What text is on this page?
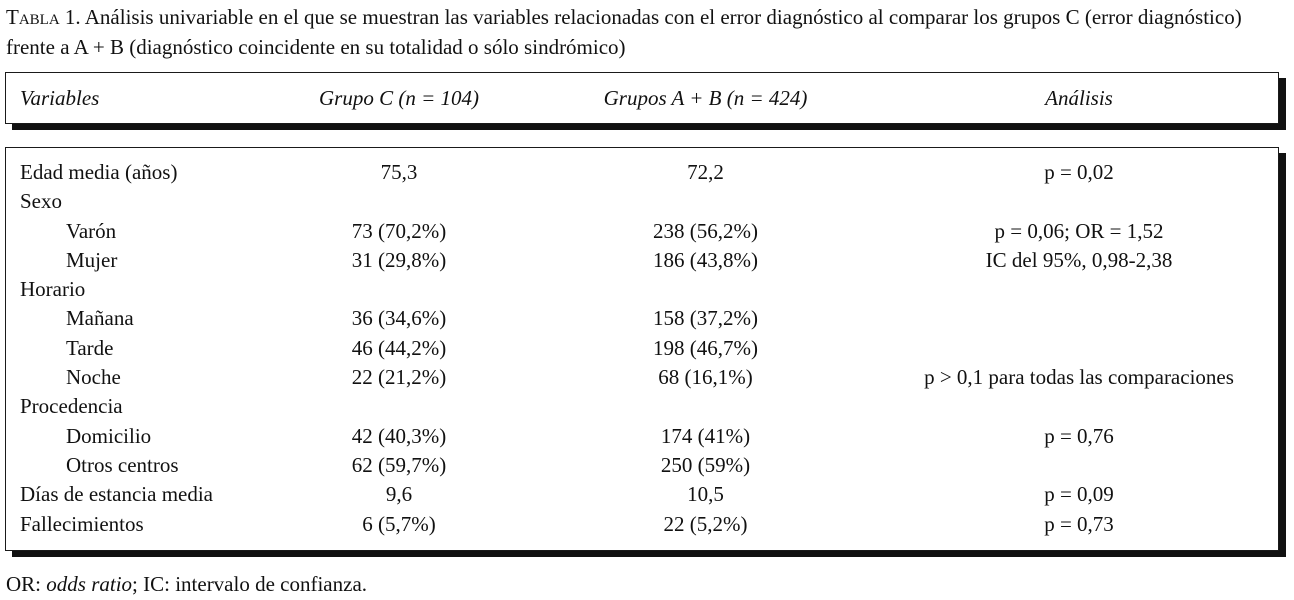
Tabla 1. Análisis univariable en el que se muestran las variables relacionadas con el error diagnóstico al comparar los grupos C (error diagnóstico) frente a A + B (diagnóstico coincidente en su totalidad o sólo sindrómico)

Variables	Grupo C (n = 104)	Grupos A + B (n = 424)	Análisis
Edad media (años)	75,3	72,2	p = 0,02
Sexo
Varón	73 (70,2%)	238 (56,2%)	p = 0,06; OR = 1,52
Mujer	31 (29,8%)	186 (43,8%)	IC del 95%, 0,98-2,38
Horario
Mañana	36 (34,6%)	158 (37,2%)
Tarde	46 (44,2%)	198 (46,7%)
Noche	22 (21,2%)	68 (16,1%)	p > 0,1 para todas las comparaciones
Procedencia
Domicilio	42 (40,3%)	174 (41%)	p = 0,76
Otros centros	62 (59,7%)	250 (59%)
Días de estancia media	9,6	10,5	p = 0,09
Fallecimientos	6 (5,7%)	22 (5,2%)	p = 0,73

OR: odds ratio; IC: intervalo de confianza.
